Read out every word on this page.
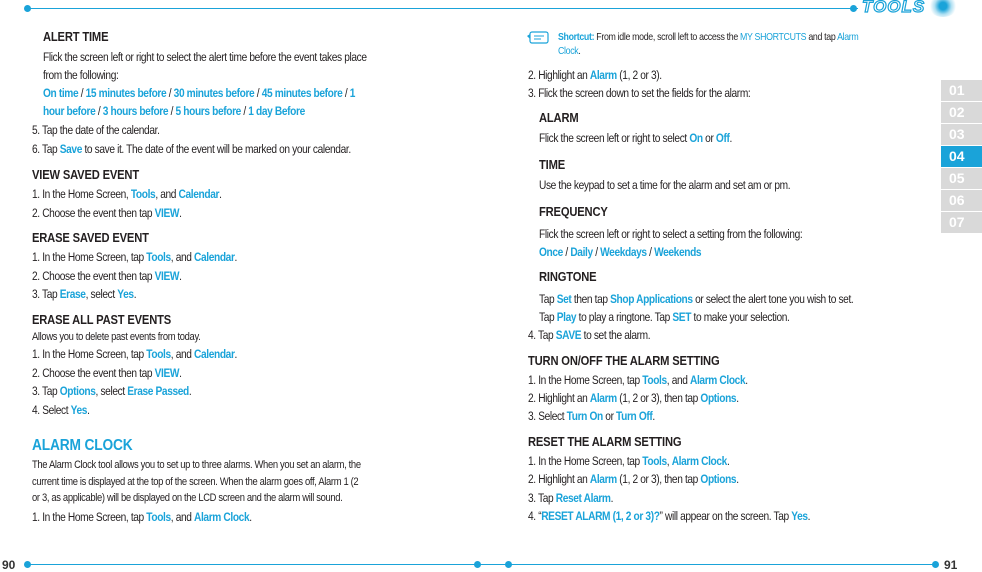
TOOLS
01
02
03
04
05
06
07
ALERT TIME
Flick the screen left or right to select the alert time before the event takes place
from the following:
On time / 15 minutes before / 30 minutes before / 45 minutes before / 1
hour before / 3 hours before / 5 hours before / 1 day Before
5. Tap the date of the calendar.
6. Tap Save to save it. The date of the event will be marked on your calendar.
VIEW SAVED EVENT
1. In the Home Screen, Tools, and Calendar.
2. Choose the event then tap VIEW.
ERASE SAVED EVENT
1. In the Home Screen, tap Tools, and Calendar.
2. Choose the event then tap VIEW.
3. Tap Erase, select Yes.
ERASE ALL PAST EVENTS
Allows you to delete past events from today.
1. In the Home Screen, tap Tools, and Calendar.
2. Choose the event then tap VIEW.
3. Tap Options, select Erase Passed.
4. Select Yes.
ALARM CLOCK
The Alarm Clock tool allows you to set up to three alarms. When you set an alarm, the
current time is displayed at the top of the screen. When the alarm goes off, Alarm 1 (2
or 3, as applicable) will be displayed on the LCD screen and the alarm will sound.
1. In the Home Screen, tap Tools, and Alarm Clock.
Shortcut: From idle mode, scroll left to access the MY SHORTCUTS and tap Alarm
Clock.
2. Highlight an Alarm (1, 2 or 3).
3. Flick the screen down to set the fields for the alarm:
ALARM
Flick the screen left or right to select On or Off.
TIME
Use the keypad to set a time for the alarm and set am or pm.
FREQUENCY
Flick the screen left or right to select a setting from the following:
Once / Daily / Weekdays / Weekends
RINGTONE
Tap Set then tap Shop Applications or select the alert tone you wish to set.
Tap Play to play a ringtone. Tap SET to make your selection.
4. Tap SAVE to set the alarm.
TURN ON/OFF THE ALARM SETTING
1. In the Home Screen, tap Tools, and Alarm Clock.
2. Highlight an Alarm (1, 2 or 3), then tap Options.
3. Select Turn On or Turn Off.
RESET THE ALARM SETTING
1. In the Home Screen, tap Tools, Alarm Clock.
2. Highlight an Alarm (1, 2 or 3), then tap Options.
3. Tap Reset Alarm.
4. “RESET ALARM (1, 2 or 3)?” will appear on the screen. Tap Yes.
90	91
